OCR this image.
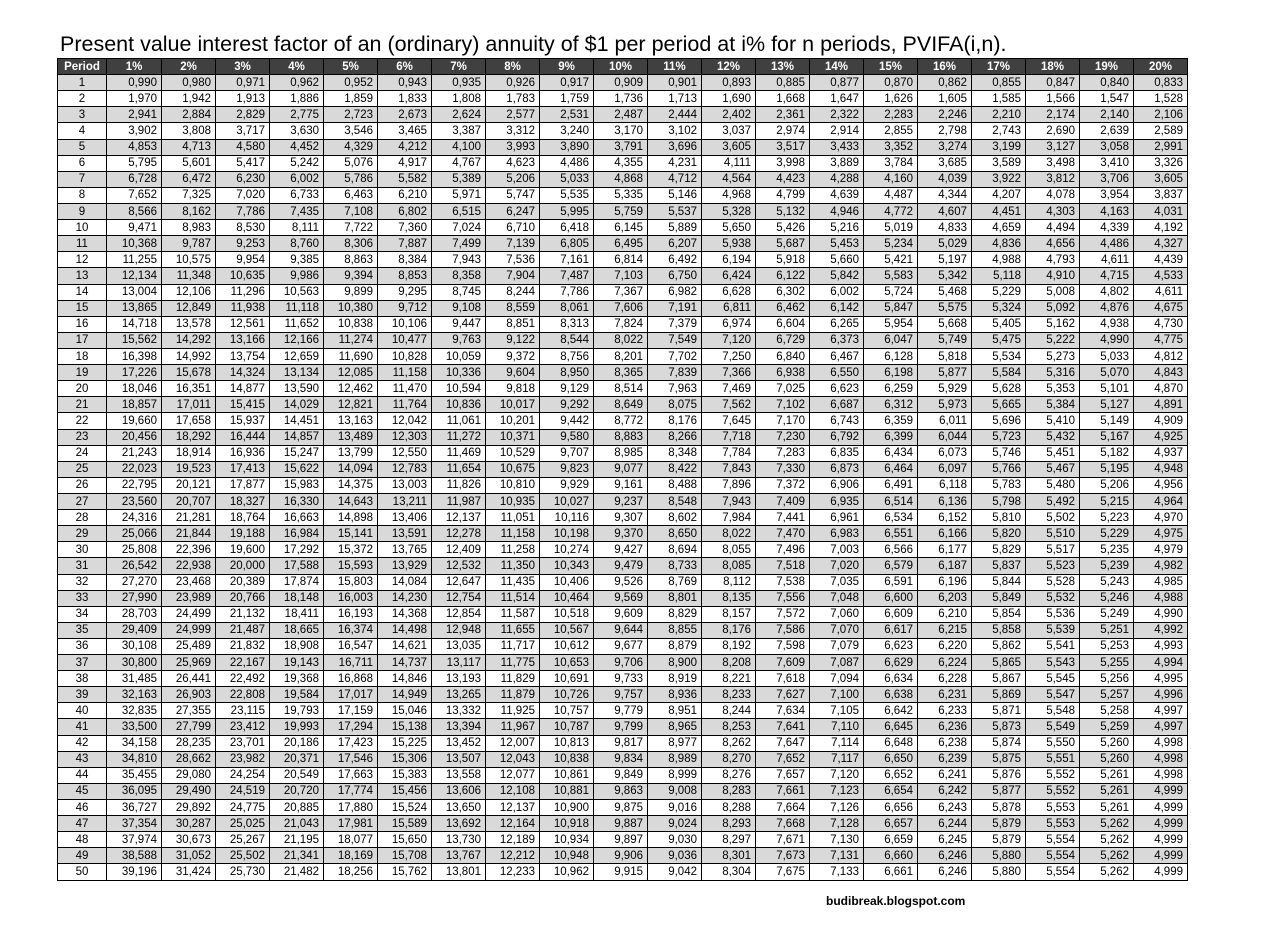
Present value interest factor of an (ordinary) annuity of $1 per period at i% for n periods, PVIFA(i,n).
Period	1%	2%	3%	4%	5%	6%	7%	8%	9%	10%	11%	12%	13%	14%	15%	16%	17%	18%	19%	20%
1	0,990	0,980	0,971	0,962	0,952	0,943	0,935	0,926	0,917	0,909	0,901	0,893	0,885	0,877	0,870	0,862	0,855	0,847	0,840	0,833
2	1,970	1,942	1,913	1,886	1,859	1,833	1,808	1,783	1,759	1,736	1,713	1,690	1,668	1,647	1,626	1,605	1,585	1,566	1,547	1,528
3	2,941	2,884	2,829	2,775	2,723	2,673	2,624	2,577	2,531	2,487	2,444	2,402	2,361	2,322	2,283	2,246	2,210	2,174	2,140	2,106
4	3,902	3,808	3,717	3,630	3,546	3,465	3,387	3,312	3,240	3,170	3,102	3,037	2,974	2,914	2,855	2,798	2,743	2,690	2,639	2,589
5	4,853	4,713	4,580	4,452	4,329	4,212	4,100	3,993	3,890	3,791	3,696	3,605	3,517	3,433	3,352	3,274	3,199	3,127	3,058	2,991
6	5,795	5,601	5,417	5,242	5,076	4,917	4,767	4,623	4,486	4,355	4,231	4,111	3,998	3,889	3,784	3,685	3,589	3,498	3,410	3,326
7	6,728	6,472	6,230	6,002	5,786	5,582	5,389	5,206	5,033	4,868	4,712	4,564	4,423	4,288	4,160	4,039	3,922	3,812	3,706	3,605
8	7,652	7,325	7,020	6,733	6,463	6,210	5,971	5,747	5,535	5,335	5,146	4,968	4,799	4,639	4,487	4,344	4,207	4,078	3,954	3,837
9	8,566	8,162	7,786	7,435	7,108	6,802	6,515	6,247	5,995	5,759	5,537	5,328	5,132	4,946	4,772	4,607	4,451	4,303	4,163	4,031
10	9,471	8,983	8,530	8,111	7,722	7,360	7,024	6,710	6,418	6,145	5,889	5,650	5,426	5,216	5,019	4,833	4,659	4,494	4,339	4,192
11	10,368	9,787	9,253	8,760	8,306	7,887	7,499	7,139	6,805	6,495	6,207	5,938	5,687	5,453	5,234	5,029	4,836	4,656	4,486	4,327
12	11,255	10,575	9,954	9,385	8,863	8,384	7,943	7,536	7,161	6,814	6,492	6,194	5,918	5,660	5,421	5,197	4,988	4,793	4,611	4,439
13	12,134	11,348	10,635	9,986	9,394	8,853	8,358	7,904	7,487	7,103	6,750	6,424	6,122	5,842	5,583	5,342	5,118	4,910	4,715	4,533
14	13,004	12,106	11,296	10,563	9,899	9,295	8,745	8,244	7,786	7,367	6,982	6,628	6,302	6,002	5,724	5,468	5,229	5,008	4,802	4,611
15	13,865	12,849	11,938	11,118	10,380	9,712	9,108	8,559	8,061	7,606	7,191	6,811	6,462	6,142	5,847	5,575	5,324	5,092	4,876	4,675
16	14,718	13,578	12,561	11,652	10,838	10,106	9,447	8,851	8,313	7,824	7,379	6,974	6,604	6,265	5,954	5,668	5,405	5,162	4,938	4,730
17	15,562	14,292	13,166	12,166	11,274	10,477	9,763	9,122	8,544	8,022	7,549	7,120	6,729	6,373	6,047	5,749	5,475	5,222	4,990	4,775
18	16,398	14,992	13,754	12,659	11,690	10,828	10,059	9,372	8,756	8,201	7,702	7,250	6,840	6,467	6,128	5,818	5,534	5,273	5,033	4,812
19	17,226	15,678	14,324	13,134	12,085	11,158	10,336	9,604	8,950	8,365	7,839	7,366	6,938	6,550	6,198	5,877	5,584	5,316	5,070	4,843
20	18,046	16,351	14,877	13,590	12,462	11,470	10,594	9,818	9,129	8,514	7,963	7,469	7,025	6,623	6,259	5,929	5,628	5,353	5,101	4,870
21	18,857	17,011	15,415	14,029	12,821	11,764	10,836	10,017	9,292	8,649	8,075	7,562	7,102	6,687	6,312	5,973	5,665	5,384	5,127	4,891
22	19,660	17,658	15,937	14,451	13,163	12,042	11,061	10,201	9,442	8,772	8,176	7,645	7,170	6,743	6,359	6,011	5,696	5,410	5,149	4,909
23	20,456	18,292	16,444	14,857	13,489	12,303	11,272	10,371	9,580	8,883	8,266	7,718	7,230	6,792	6,399	6,044	5,723	5,432	5,167	4,925
24	21,243	18,914	16,936	15,247	13,799	12,550	11,469	10,529	9,707	8,985	8,348	7,784	7,283	6,835	6,434	6,073	5,746	5,451	5,182	4,937
25	22,023	19,523	17,413	15,622	14,094	12,783	11,654	10,675	9,823	9,077	8,422	7,843	7,330	6,873	6,464	6,097	5,766	5,467	5,195	4,948
26	22,795	20,121	17,877	15,983	14,375	13,003	11,826	10,810	9,929	9,161	8,488	7,896	7,372	6,906	6,491	6,118	5,783	5,480	5,206	4,956
27	23,560	20,707	18,327	16,330	14,643	13,211	11,987	10,935	10,027	9,237	8,548	7,943	7,409	6,935	6,514	6,136	5,798	5,492	5,215	4,964
28	24,316	21,281	18,764	16,663	14,898	13,406	12,137	11,051	10,116	9,307	8,602	7,984	7,441	6,961	6,534	6,152	5,810	5,502	5,223	4,970
29	25,066	21,844	19,188	16,984	15,141	13,591	12,278	11,158	10,198	9,370	8,650	8,022	7,470	6,983	6,551	6,166	5,820	5,510	5,229	4,975
30	25,808	22,396	19,600	17,292	15,372	13,765	12,409	11,258	10,274	9,427	8,694	8,055	7,496	7,003	6,566	6,177	5,829	5,517	5,235	4,979
31	26,542	22,938	20,000	17,588	15,593	13,929	12,532	11,350	10,343	9,479	8,733	8,085	7,518	7,020	6,579	6,187	5,837	5,523	5,239	4,982
32	27,270	23,468	20,389	17,874	15,803	14,084	12,647	11,435	10,406	9,526	8,769	8,112	7,538	7,035	6,591	6,196	5,844	5,528	5,243	4,985
33	27,990	23,989	20,766	18,148	16,003	14,230	12,754	11,514	10,464	9,569	8,801	8,135	7,556	7,048	6,600	6,203	5,849	5,532	5,246	4,988
34	28,703	24,499	21,132	18,411	16,193	14,368	12,854	11,587	10,518	9,609	8,829	8,157	7,572	7,060	6,609	6,210	5,854	5,536	5,249	4,990
35	29,409	24,999	21,487	18,665	16,374	14,498	12,948	11,655	10,567	9,644	8,855	8,176	7,586	7,070	6,617	6,215	5,858	5,539	5,251	4,992
36	30,108	25,489	21,832	18,908	16,547	14,621	13,035	11,717	10,612	9,677	8,879	8,192	7,598	7,079	6,623	6,220	5,862	5,541	5,253	4,993
37	30,800	25,969	22,167	19,143	16,711	14,737	13,117	11,775	10,653	9,706	8,900	8,208	7,609	7,087	6,629	6,224	5,865	5,543	5,255	4,994
38	31,485	26,441	22,492	19,368	16,868	14,846	13,193	11,829	10,691	9,733	8,919	8,221	7,618	7,094	6,634	6,228	5,867	5,545	5,256	4,995
39	32,163	26,903	22,808	19,584	17,017	14,949	13,265	11,879	10,726	9,757	8,936	8,233	7,627	7,100	6,638	6,231	5,869	5,547	5,257	4,996
40	32,835	27,355	23,115	19,793	17,159	15,046	13,332	11,925	10,757	9,779	8,951	8,244	7,634	7,105	6,642	6,233	5,871	5,548	5,258	4,997
41	33,500	27,799	23,412	19,993	17,294	15,138	13,394	11,967	10,787	9,799	8,965	8,253	7,641	7,110	6,645	6,236	5,873	5,549	5,259	4,997
42	34,158	28,235	23,701	20,186	17,423	15,225	13,452	12,007	10,813	9,817	8,977	8,262	7,647	7,114	6,648	6,238	5,874	5,550	5,260	4,998
43	34,810	28,662	23,982	20,371	17,546	15,306	13,507	12,043	10,838	9,834	8,989	8,270	7,652	7,117	6,650	6,239	5,875	5,551	5,260	4,998
44	35,455	29,080	24,254	20,549	17,663	15,383	13,558	12,077	10,861	9,849	8,999	8,276	7,657	7,120	6,652	6,241	5,876	5,552	5,261	4,998
45	36,095	29,490	24,519	20,720	17,774	15,456	13,606	12,108	10,881	9,863	9,008	8,283	7,661	7,123	6,654	6,242	5,877	5,552	5,261	4,999
46	36,727	29,892	24,775	20,885	17,880	15,524	13,650	12,137	10,900	9,875	9,016	8,288	7,664	7,126	6,656	6,243	5,878	5,553	5,261	4,999
47	37,354	30,287	25,025	21,043	17,981	15,589	13,692	12,164	10,918	9,887	9,024	8,293	7,668	7,128	6,657	6,244	5,879	5,553	5,262	4,999
48	37,974	30,673	25,267	21,195	18,077	15,650	13,730	12,189	10,934	9,897	9,030	8,297	7,671	7,130	6,659	6,245	5,879	5,554	5,262	4,999
49	38,588	31,052	25,502	21,341	18,169	15,708	13,767	12,212	10,948	9,906	9,036	8,301	7,673	7,131	6,660	6,246	5,880	5,554	5,262	4,999
50	39,196	31,424	25,730	21,482	18,256	15,762	13,801	12,233	10,962	9,915	9,042	8,304	7,675	7,133	6,661	6,246	5,880	5,554	5,262	4,999
budibreak.blogspot.com
